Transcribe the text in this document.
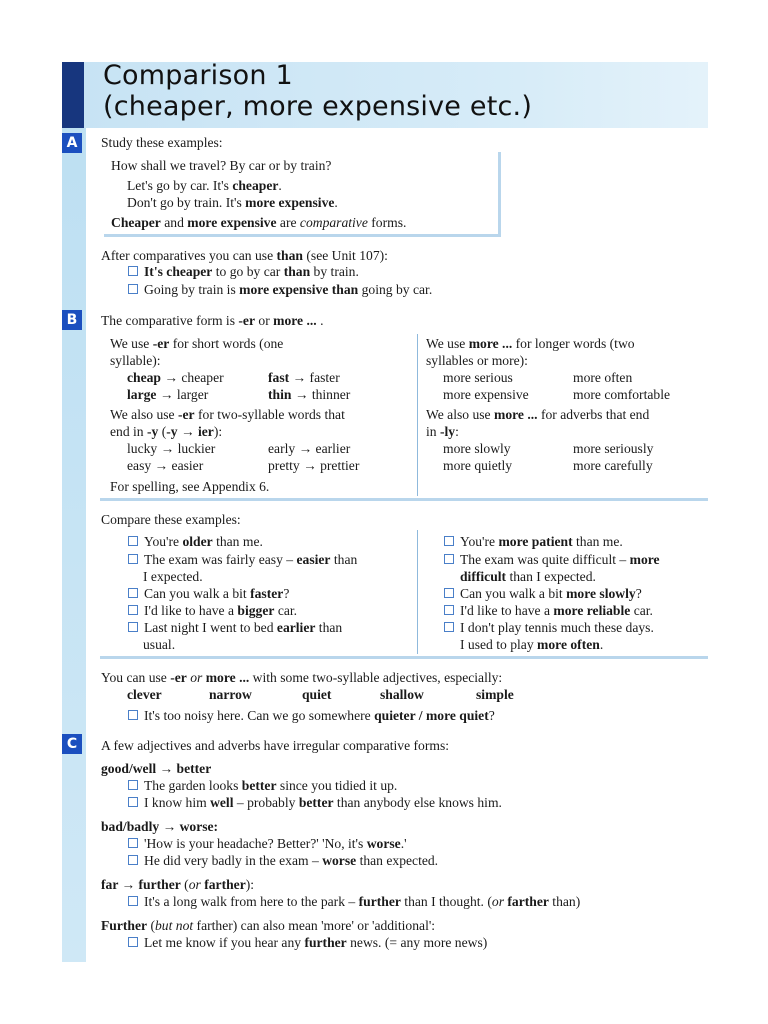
Comparison 1
(cheaper, more expensive etc.)
A	Study these examples:
How shall we travel? By car or by train?
Let's go by car. It's cheaper.
Don't go by train. It's more expensive.
Cheaper and more expensive are comparative forms.
After comparatives you can use than (see Unit 107):
It's cheaper to go by car than by train.
Going by train is more expensive than going by car.
B	The comparative form is -er or more ... .
We use -er for short words (one
syllable):
cheap → cheaper	fast → faster
large → larger	thin → thinner
We also use -er for two-syllable words that
end in -y (-y → ier):
lucky → luckier	early → earlier
easy → easier	pretty → prettier
For spelling, see Appendix 6.
We use more ... for longer words (two
syllables or more):
more serious	more often
more expensive	more comfortable
We also use more ... for adverbs that end
in -ly:
more slowly	more seriously
more quietly	more carefully
Compare these examples:
You're older than me.
The exam was fairly easy – easier than
I expected.
Can you walk a bit faster?
I'd like to have a bigger car.
Last night I went to bed earlier than
usual.
You're more patient than me.
The exam was quite difficult – more
difficult than I expected.
Can you walk a bit more slowly?
I'd like to have a more reliable car.
I don't play tennis much these days.
I used to play more often.
You can use -er or more ... with some two-syllable adjectives, especially:
clever	narrow	quiet	shallow	simple
It's too noisy here. Can we go somewhere quieter / more quiet?
C	A few adjectives and adverbs have irregular comparative forms:
good/well → better
The garden looks better since you tidied it up.
I know him well – probably better than anybody else knows him.
bad/badly → worse:
'How is your headache? Better?' 'No, it's worse.'
He did very badly in the exam – worse than expected.
far → further (or farther):
It's a long walk from here to the park – further than I thought. (or farther than)
Further (but not farther) can also mean 'more' or 'additional':
Let me know if you hear any further news. (= any more news)
